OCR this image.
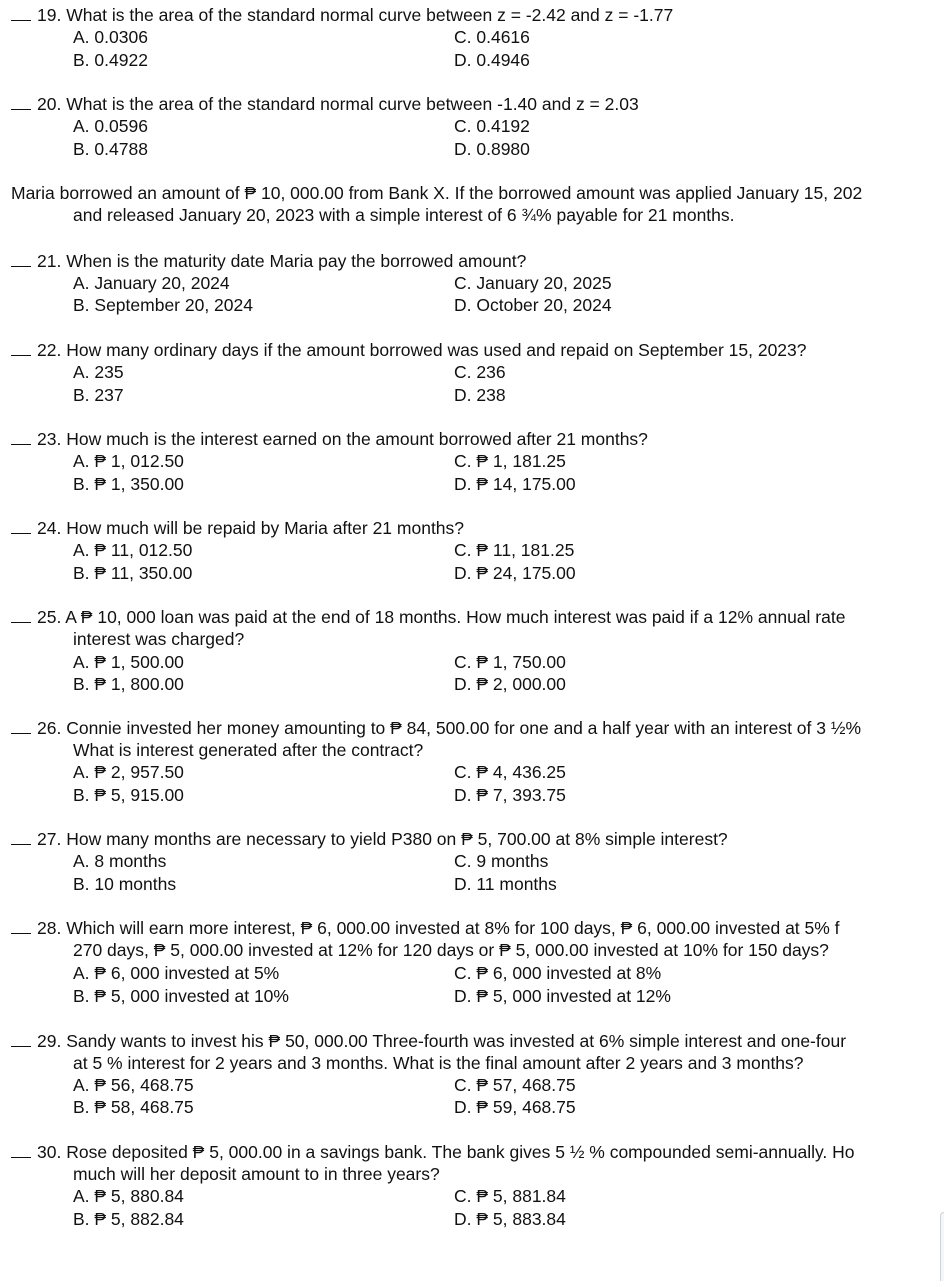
19. What is the area of the standard normal curve between z = -2.42 and z = -1.77
A. 0.0306	C. 0.4616
B. 0.4922	D. 0.4946
20. What is the area of the standard normal curve between -1.40 and z = 2.03
A. 0.0596	C. 0.4192
B. 0.4788	D. 0.8980
Maria borrowed an amount of ₱ 10, 000.00 from Bank X. If the borrowed amount was applied January 15, 202
and released January 20, 2023 with a simple interest of 6 ¾% payable for 21 months.
21. When is the maturity date Maria pay the borrowed amount?
A. January 20, 2024	C. January 20, 2025
B. September 20, 2024	D. October 20, 2024
22. How many ordinary days if the amount borrowed was used and repaid on September 15, 2023?
A. 235	C. 236
B. 237	D. 238
23. How much is the interest earned on the amount borrowed after 21 months?
A. ₱ 1, 012.50	C. ₱ 1, 181.25
B. ₱ 1, 350.00	D. ₱ 14, 175.00
24. How much will be repaid by Maria after 21 months?
A. ₱ 11, 012.50	C. ₱ 11, 181.25
B. ₱ 11, 350.00	D. ₱ 24, 175.00
25. A ₱ 10, 000 loan was paid at the end of 18 months. How much interest was paid if a 12% annual rate
interest was charged?
A. ₱ 1, 500.00	C. ₱ 1, 750.00
B. ₱ 1, 800.00	D. ₱ 2, 000.00
26. Connie invested her money amounting to ₱ 84, 500.00 for one and a half year with an interest of 3 ½%
What is interest generated after the contract?
A. ₱ 2, 957.50	C. ₱ 4, 436.25
B. ₱ 5, 915.00	D. ₱ 7, 393.75
27. How many months are necessary to yield P380 on ₱ 5, 700.00 at 8% simple interest?
A. 8 months	C. 9 months
B. 10 months	D. 11 months
28. Which will earn more interest, ₱ 6, 000.00 invested at 8% for 100 days, ₱ 6, 000.00 invested at 5% f
270 days, ₱ 5, 000.00 invested at 12% for 120 days or ₱ 5, 000.00 invested at 10% for 150 days?
A. ₱ 6, 000 invested at 5%	C. ₱ 6, 000 invested at 8%
B. ₱ 5, 000 invested at 10%	D. ₱ 5, 000 invested at 12%
29. Sandy wants to invest his ₱ 50, 000.00 Three-fourth was invested at 6% simple interest and one-four
at 5 % interest for 2 years and 3 months. What is the final amount after 2 years and 3 months?
A. ₱ 56, 468.75	C. ₱ 57, 468.75
B. ₱ 58, 468.75	D. ₱ 59, 468.75
30. Rose deposited ₱ 5, 000.00 in a savings bank. The bank gives 5 ½ % compounded semi-annually. Ho
much will her deposit amount to in three years?
A. ₱ 5, 880.84	C. ₱ 5, 881.84
B. ₱ 5, 882.84	D. ₱ 5, 883.84
